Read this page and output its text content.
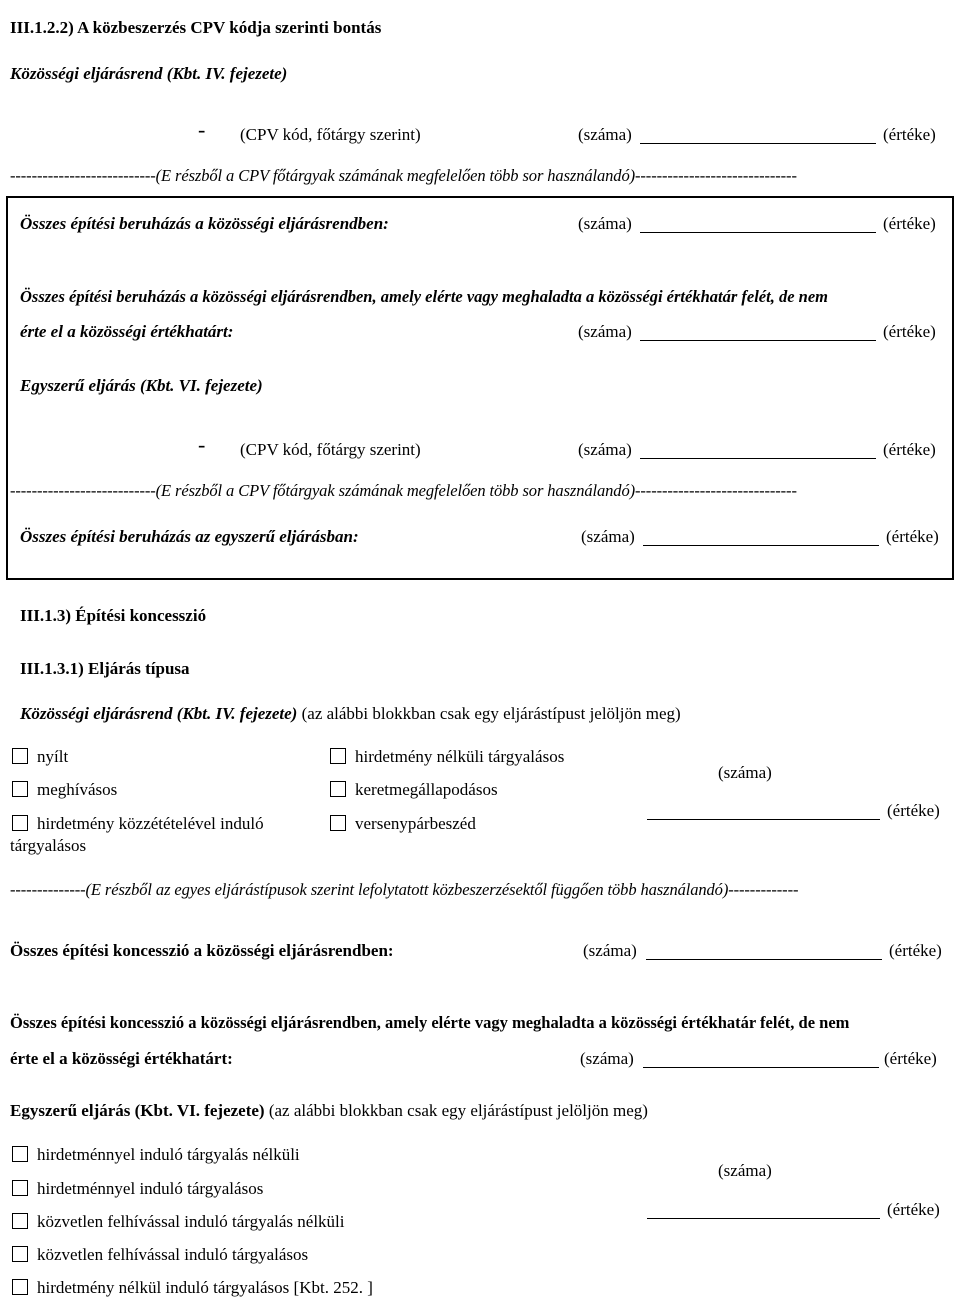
III.1.2.2) A közbeszerzés CPV kódja szerinti bontás
Közösségi eljárásrend (Kbt. IV. fejezete)
- (CPV kód, főtárgy szerint)	(száma)	(értéke)
---------------------------(E részből a CPV főtárgyak számának megfelelően több sor használandó)------------------------------
Összes építési beruházás a közösségi eljárásrendben:	(száma)	(értéke)
Összes építési beruházás a közösségi eljárásrendben, amely elérte vagy meghaladta a közösségi értékhatár felét, de nem
érte el a közösségi értékhatárt:	(száma)	(értéke)
Egyszerű eljárás (Kbt. VI. fejezete)
- (CPV kód, főtárgy szerint)	(száma)	(értéke)
---------------------------(E részből a CPV főtárgyak számának megfelelően több sor használandó)------------------------------
Összes építési beruházás az egyszerű eljárásban:	(száma)	(értéke)
III.1.3) Építési koncesszió
III.1.3.1) Eljárás típusa
Közösségi eljárásrend (Kbt. IV. fejezete) (az alábbi blokkban csak egy eljárástípust jelöljön meg)
nyílt
meghívásos
hirdetmény közzétételével induló
tárgyalásos
hirdetmény nélküli tárgyalásos
keretmegállapodásos
versenypárbeszéd
(száma)
(értéke)
--------------(E részből az egyes eljárástípusok szerint lefolytatott közbeszerzésektől függően több használandó)-------------
Összes építési koncesszió a közösségi eljárásrendben:	(száma)	(értéke)
Összes építési koncesszió a közösségi eljárásrendben, amely elérte vagy meghaladta a közösségi értékhatár felét, de nem
érte el a közösségi értékhatárt:	(száma)	(értéke)
Egyszerű eljárás (Kbt. VI. fejezete) (az alábbi blokkban csak egy eljárástípust jelöljön meg)
hirdetménnyel induló tárgyalás nélküli
hirdetménnyel induló tárgyalásos
közvetlen felhívással induló tárgyalás nélküli
közvetlen felhívással induló tárgyalásos
hirdetmény nélkül induló tárgyalásos [Kbt. 252. ]
(száma)
(értéke)
